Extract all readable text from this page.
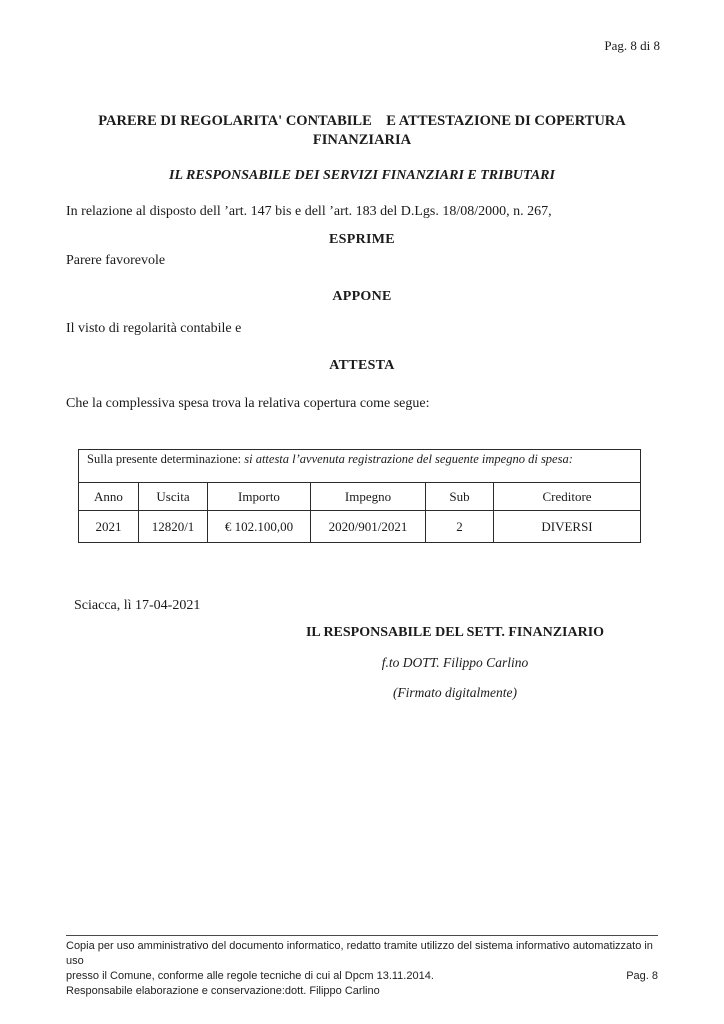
Pag. 8 di 8
PARERE DI REGOLARITA' CONTABILE    E ATTESTAZIONE DI COPERTURA
FINANZIARIA
IL RESPONSABILE DEI SERVIZI FINANZIARI E TRIBUTARI
In relazione al disposto dell ’art. 147 bis e dell ’art. 183 del D.Lgs. 18/08/2000, n. 267,
ESPRIME
Parere favorevole
APPONE
Il visto di regolarità contabile e
ATTESTA
Che la complessiva spesa trova la relativa copertura come segue:
Sulla presente determinazione: si attesta l’avvenuta registrazione del seguente impegno di spesa:					
Anno	Uscita	Importo	Impegno	Sub	Creditore
2021	12820/1	€ 102.100,00	2020/901/2021	2	DIVERSI
Sciacca, lì 17-04-2021
IL RESPONSABILE DEL SETT. FINANZIARIO
f.to DOTT. Filippo Carlino
(Firmato digitalmente)
Copia per uso amministrativo del documento informatico, redatto tramite utilizzo del sistema informativo automatizzato in uso
presso il Comune, conforme alle regole tecniche di cui al Dpcm 13.11.2014.	Pag. 8
Responsabile elaborazione e conservazione:dott. Filippo Carlino
